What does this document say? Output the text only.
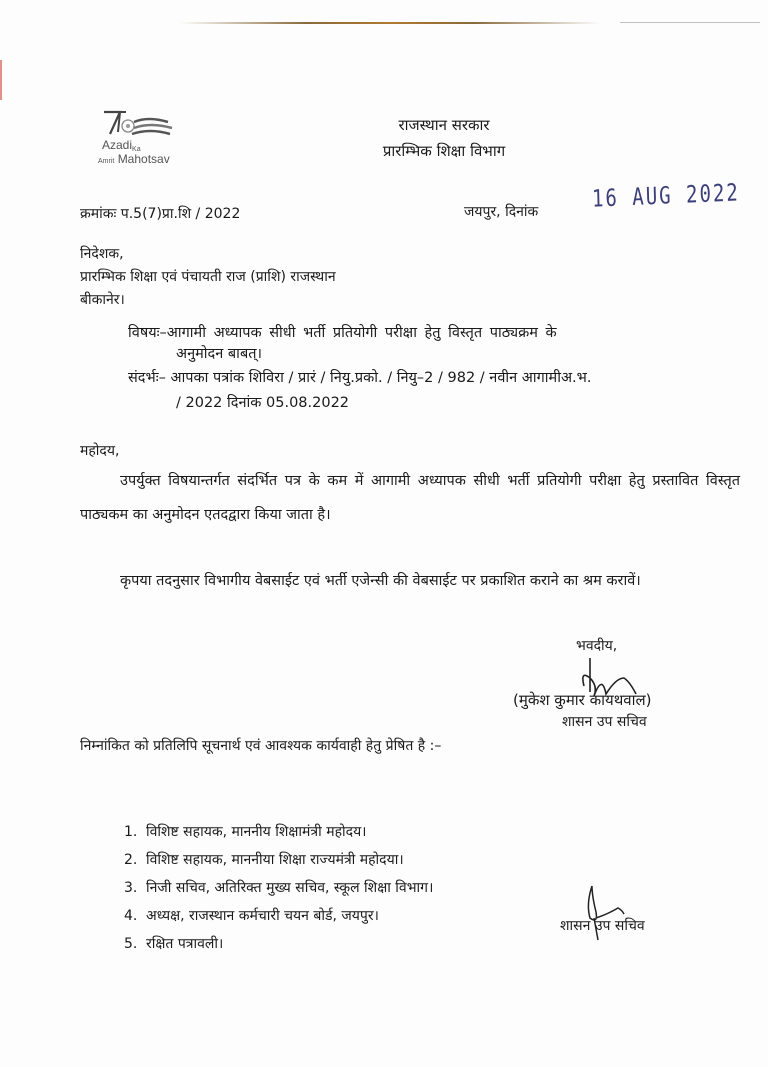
AzadiKa
Amrit Mahotsav
राजस्थान सरकार
प्रारम्भिक शिक्षा विभाग
क्रमांकः प.5(7)प्रा.शि / 2022	जयपुर, दिनांक	16 AUG 2022
निदेशक,
प्रारम्भिक शिक्षा एवं पंचायती राज (प्राशि) राजस्थान
बीकानेर।
विषयः–आगामी अध्यापक सीधी भर्ती प्रतियोगी परीक्षा हेतु विस्तृत पाठ्यक्रम के
अनुमोदन बाबत्।
संदर्भः– आपका पत्रांक शिविरा / प्रारं / नियु.प्रको. / नियु–2 / 982 / नवीन आगामीअ.भ.
/ 2022 दिनांक 05.08.2022
महोदय,
उपर्युक्त विषयान्तर्गत संदर्भित पत्र के कम में आगामी अध्यापक सीधी भर्ती प्रतियोगी परीक्षा हेतु प्रस्तावित विस्तृत पाठ्यकम का अनुमोदन एतदद्वारा किया जाता है।
कृपया तदनुसार विभागीय वेबसाईट एवं भर्ती एजेन्सी की वेबसाईट पर प्रकाशित कराने का श्रम करावें।
भवदीय,
(मुकेश कुमार कायथवाल)
शासन उप सचिव
निम्नांकित को प्रतिलिपि सूचनार्थ एवं आवश्यक कार्यवाही हेतु प्रेषित है :–
1. विशिष्ट सहायक, माननीय शिक्षामंत्री महोदय।
2. विशिष्ट सहायक, माननीया शिक्षा राज्यमंत्री महोदया।
3. निजी सचिव, अतिरिक्त मुख्य सचिव, स्कूल शिक्षा विभाग।
4. अध्यक्ष, राजस्थान कर्मचारी चयन बोर्ड, जयपुर।
5. रक्षित पत्रावली।
शासन उप सचिव
